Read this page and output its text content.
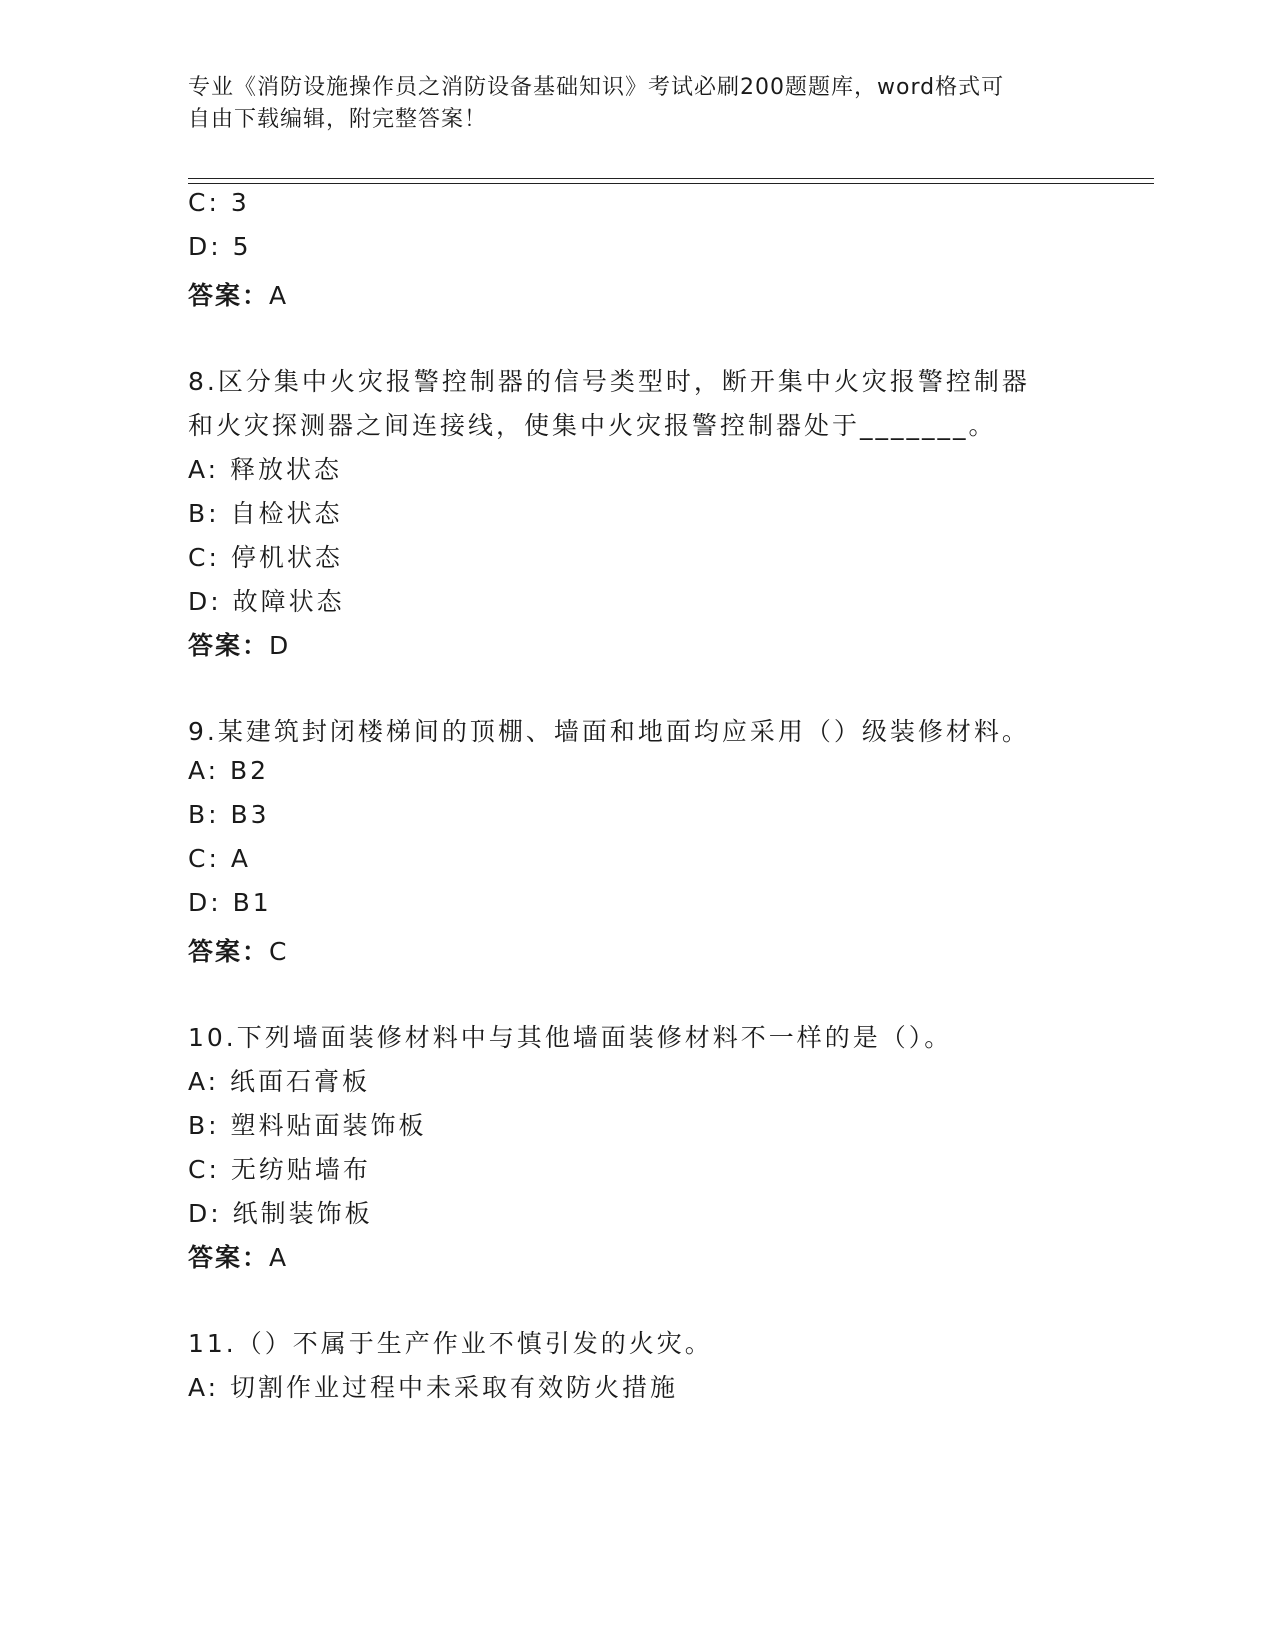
专业《消防设施操作员之消防设备基础知识》考试必刷200题题库，word格式可
自由下载编辑，附完整答案！
C: 3
D: 5
答案：A
8.区分集中火灾报警控制器的信号类型时，断开集中火灾报警控制器
和火灾探测器之间连接线，使集中火灾报警控制器处于_______。
A: 释放状态
B: 自检状态
C: 停机状态
D: 故障状态
答案：D
9.某建筑封闭楼梯间的顶棚、墙面和地面均应采用（）级装修材料。
A: B2
B: B3
C: A
D: B1
答案：C
10.下列墙面装修材料中与其他墙面装修材料不一样的是（）。
A: 纸面石膏板
B: 塑料贴面装饰板
C: 无纺贴墙布
D: 纸制装饰板
答案：A
11.（）不属于生产作业不慎引发的火灾。
A: 切割作业过程中未采取有效防火措施
